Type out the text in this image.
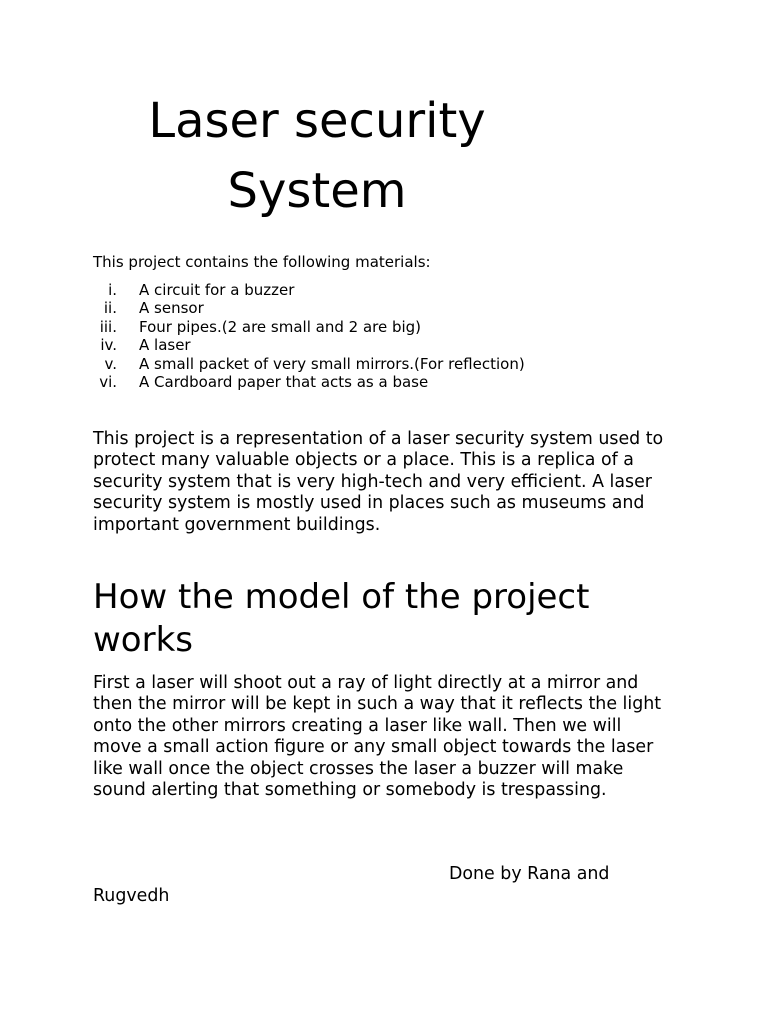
Laser security
System

This project contains the following materials:

i. A circuit for a buzzer
ii. A sensor
iii. Four pipes.(2 are small and 2 are big)
iv. A laser
v. A small packet of very small mirrors.(For reflection)
vi. A Cardboard paper that acts as a base

This project is a representation of a laser security system used to protect many valuable objects or a place. This is a replica of a security system that is very high-tech and very efficient. A laser security system is mostly used in places such as museums and important government buildings.

How the model of the project works

First a laser will shoot out a ray of light directly at a mirror and then the mirror will be kept in such a way that it reflects the light onto the other mirrors creating a laser like wall. Then we will move a small action figure or any small object towards the laser like wall once the object crosses the laser a buzzer will make sound alerting that something or somebody is trespassing.

Done by Rana and Rugvedh
